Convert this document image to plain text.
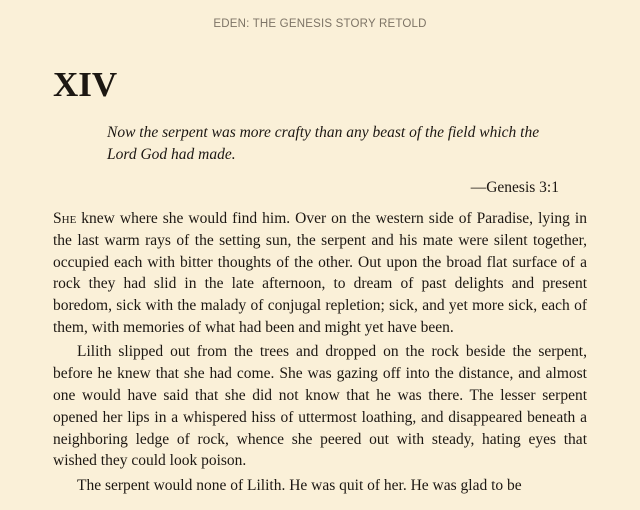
EDEN: THE GENESIS STORY RETOLD
XIV

Now the serpent was more crafty than any beast of the field which the Lord God had made.

—Genesis 3:1

She knew where she would find him. Over on the western side of Paradise, lying in the last warm rays of the setting sun, the serpent and his mate were silent together, occupied each with bitter thoughts of the other. Out upon the broad flat surface of a rock they had slid in the late afternoon, to dream of past delights and present boredom, sick with the malady of conjugal repletion; sick, and yet more sick, each of them, with memories of what had been and might yet have been.

Lilith slipped out from the trees and dropped on the rock beside the serpent, before he knew that she had come. She was gazing off into the distance, and almost one would have said that she did not know that he was there. The lesser serpent opened her lips in a whispered hiss of uttermost loathing, and disappeared beneath a neighboring ledge of rock, whence she peered out with steady, hating eyes that wished they could look poison.

The serpent would none of Lilith. He was quit of her. He was glad to be
